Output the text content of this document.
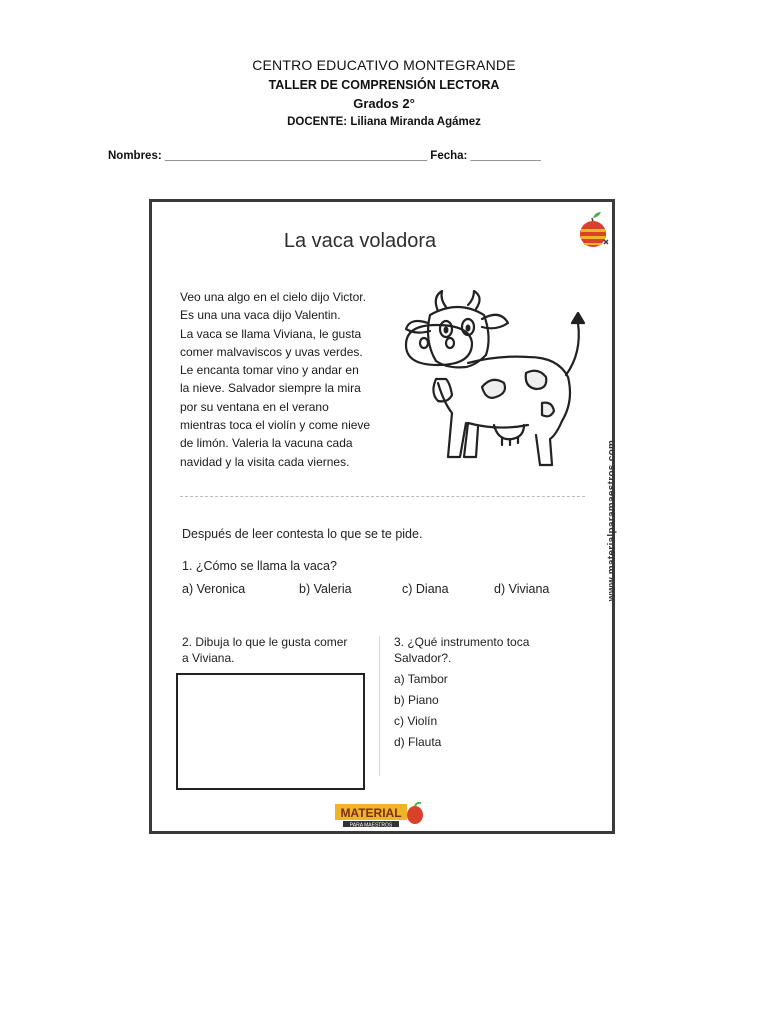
CENTRO EDUCATIVO MONTEGRANDE
TALLER DE COMPRENSIÓN LECTORA
Grados 2°
DOCENTE: Liliana Miranda Agámez
Nombres: _________________________________________ Fecha: ___________
La vaca voladora
Veo una algo en el cielo dijo Victor.
Es una una vaca dijo Valentin.
La vaca se llama Viviana, le gusta
comer malvaviscos y uvas verdes.
Le encanta tomar vino y andar en
la nieve. Salvador siempre la mira
por su ventana en el verano
mientras toca el violín y come nieve
de limón. Valeria la vacuna cada
navidad y la visita cada viernes.	www.materialparamaestros.com
Después de leer contesta lo que se te pide.
1. ¿Cómo se llama la vaca?
a) Veronica	b) Valeria	c) Diana	d) Viviana
2. Dibuja lo que le gusta comer
a Viviana.
3. ¿Qué instrumento toca
Salvador?.
a) Tambor
b) Piano
c) Violín
d) Flauta
MATERIAL
PARA MAESTROS
